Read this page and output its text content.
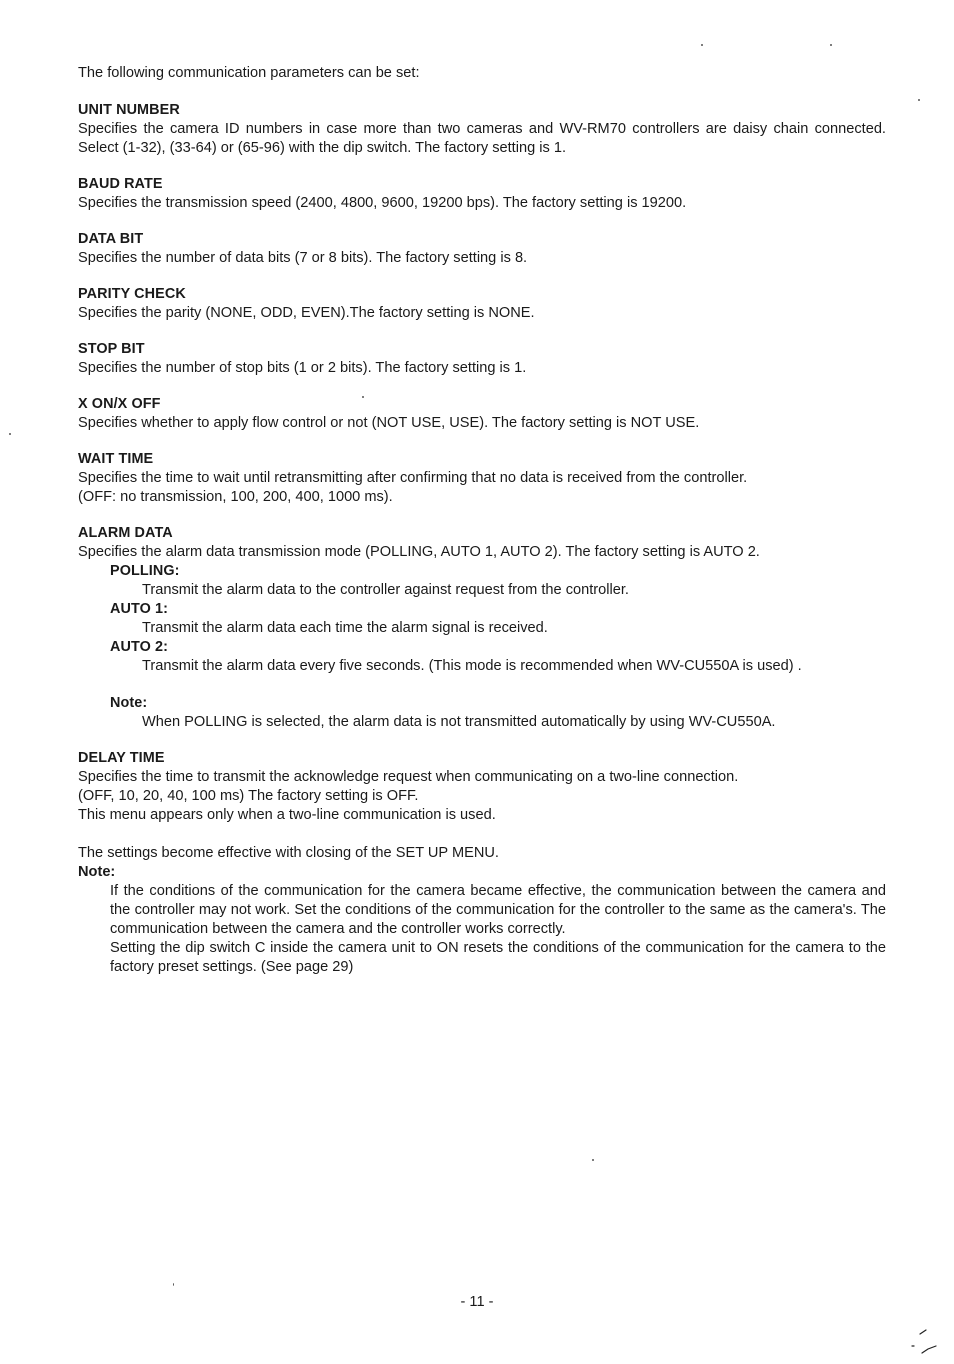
The following communication parameters can be set:

UNIT NUMBER

Specifies the camera ID numbers in case more than two cameras and WV-RM70 controllers are daisy chain connected. Select (1-32), (33-64) or (65-96) with the dip switch. The factory setting is 1.

BAUD RATE

Specifies the transmission speed (2400, 4800, 9600, 19200 bps). The factory setting is 19200.

DATA BIT

Specifies the number of data bits (7 or 8 bits). The factory setting is 8.

PARITY CHECK

Specifies the parity (NONE, ODD, EVEN).The factory setting is NONE.

STOP BIT

Specifies the number of stop bits (1 or 2 bits). The factory setting is 1.

X ON/X OFF

Specifies whether to apply flow control or not (NOT USE, USE). The factory setting is NOT USE.

WAIT TIME

Specifies the time to wait until retransmitting after confirming that no data is received from the controller.

(OFF: no transmission, 100, 200, 400, 1000 ms).

ALARM DATA

Specifies the alarm data transmission mode (POLLING, AUTO 1, AUTO 2). The factory setting is AUTO 2.

POLLING:

Transmit the alarm data to the controller against request from the controller.

AUTO 1:

Transmit the alarm data each time the alarm signal is received.

AUTO 2:

Transmit the alarm data every five seconds. (This mode is recommended when WV-CU550A is used) .

Note:

When POLLING is selected, the alarm data is not transmitted automatically by using WV-CU550A.

DELAY TIME

Specifies the time to transmit the acknowledge request when communicating on a two-line connection.

(OFF, 10, 20, 40, 100 ms) The factory setting is OFF.

This menu appears only when a two-line communication is used.

The settings become effective with closing of the SET UP MENU.

Note:

If the conditions of the communication for the camera became effective, the communication between the camera and the controller may not work. Set the conditions of the communication for the controller to the same as the camera's. The communication between the camera and the controller works correctly.

Setting the dip switch C inside the camera unit to ON resets the conditions of the communication for the camera to the factory preset settings. (See page 29)

- 11 -
